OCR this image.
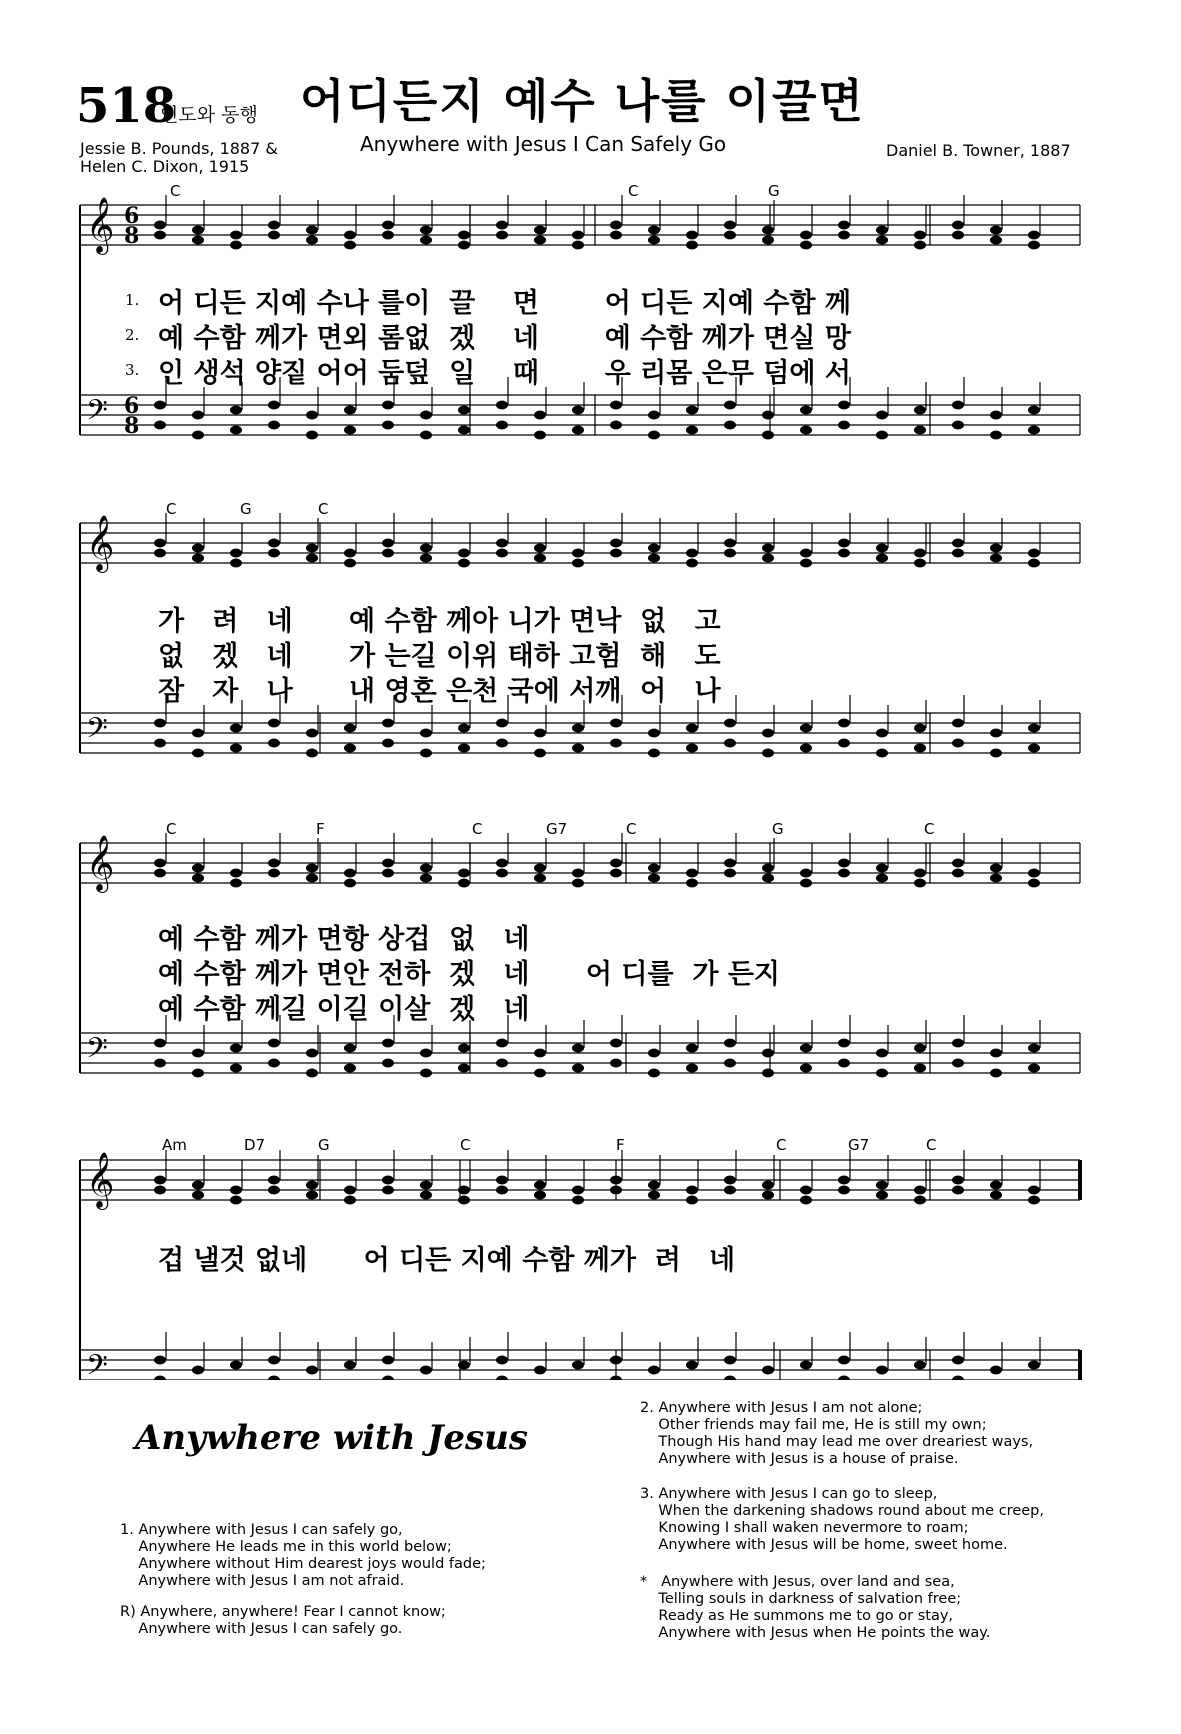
518
인도와 동행 어디든지 예수 나를 이끌면
Anywhere with Jesus I Can Safely Go
Jessie B. Pounds, 1887 &
Helen C. Dixon, 1915
Daniel B. Towner, 1887
𝄞
𝄢
𝄞
𝄢
𝄞
𝄢
𝄞
𝄢
6
8
6
8
C	C	G
1.
2.
3.
어 디든 지예 수나 를이  끌    면       어 디든 지예 수함 께
예 수함 께가 면외 롬없  겠    네       예 수함 께가 면실 망
인 생석 양짙 어어 둠덮  일    때       우 리몸 은무 덤에 서
C	G	C
가   려   네      예 수함 께아 니가 면낙  없   고
없   겠   네      가 는길 이위 태하 고험  해   도
잠   자   나      내 영혼 은천 국에 서깨  어   나
C	F	C	G7	C	G	C
예 수함 께가 면항 상겁  없   네
예 수함 께가 면안 전하  겠   네      어 디를  가 든지
예 수함 께길 이길 이살  겠   네
Am	D7	G	C	F	C	G7	C
겁 낼것 없네      어 디든 지예 수함 께가  려   네
Anywhere with Jesus
1. Anywhere with Jesus I can safely go,
Anywhere He leads me in this world below;
Anywhere without Him dearest joys would fade;
Anywhere with Jesus I am not afraid.
R) Anywhere, anywhere! Fear I cannot know;
Anywhere with Jesus I can safely go.
2. Anywhere with Jesus I am not alone;
Other friends may fail me, He is still my own;
Though His hand may lead me over dreariest ways,
Anywhere with Jesus is a house of praise.
3. Anywhere with Jesus I can go to sleep,
When the darkening shadows round about me creep,
Knowing I shall waken nevermore to roam;
Anywhere with Jesus will be home, sweet home.
*   Anywhere with Jesus, over land and sea,
Telling souls in darkness of salvation free;
Ready as He summons me to go or stay,
Anywhere with Jesus when He points the way.
